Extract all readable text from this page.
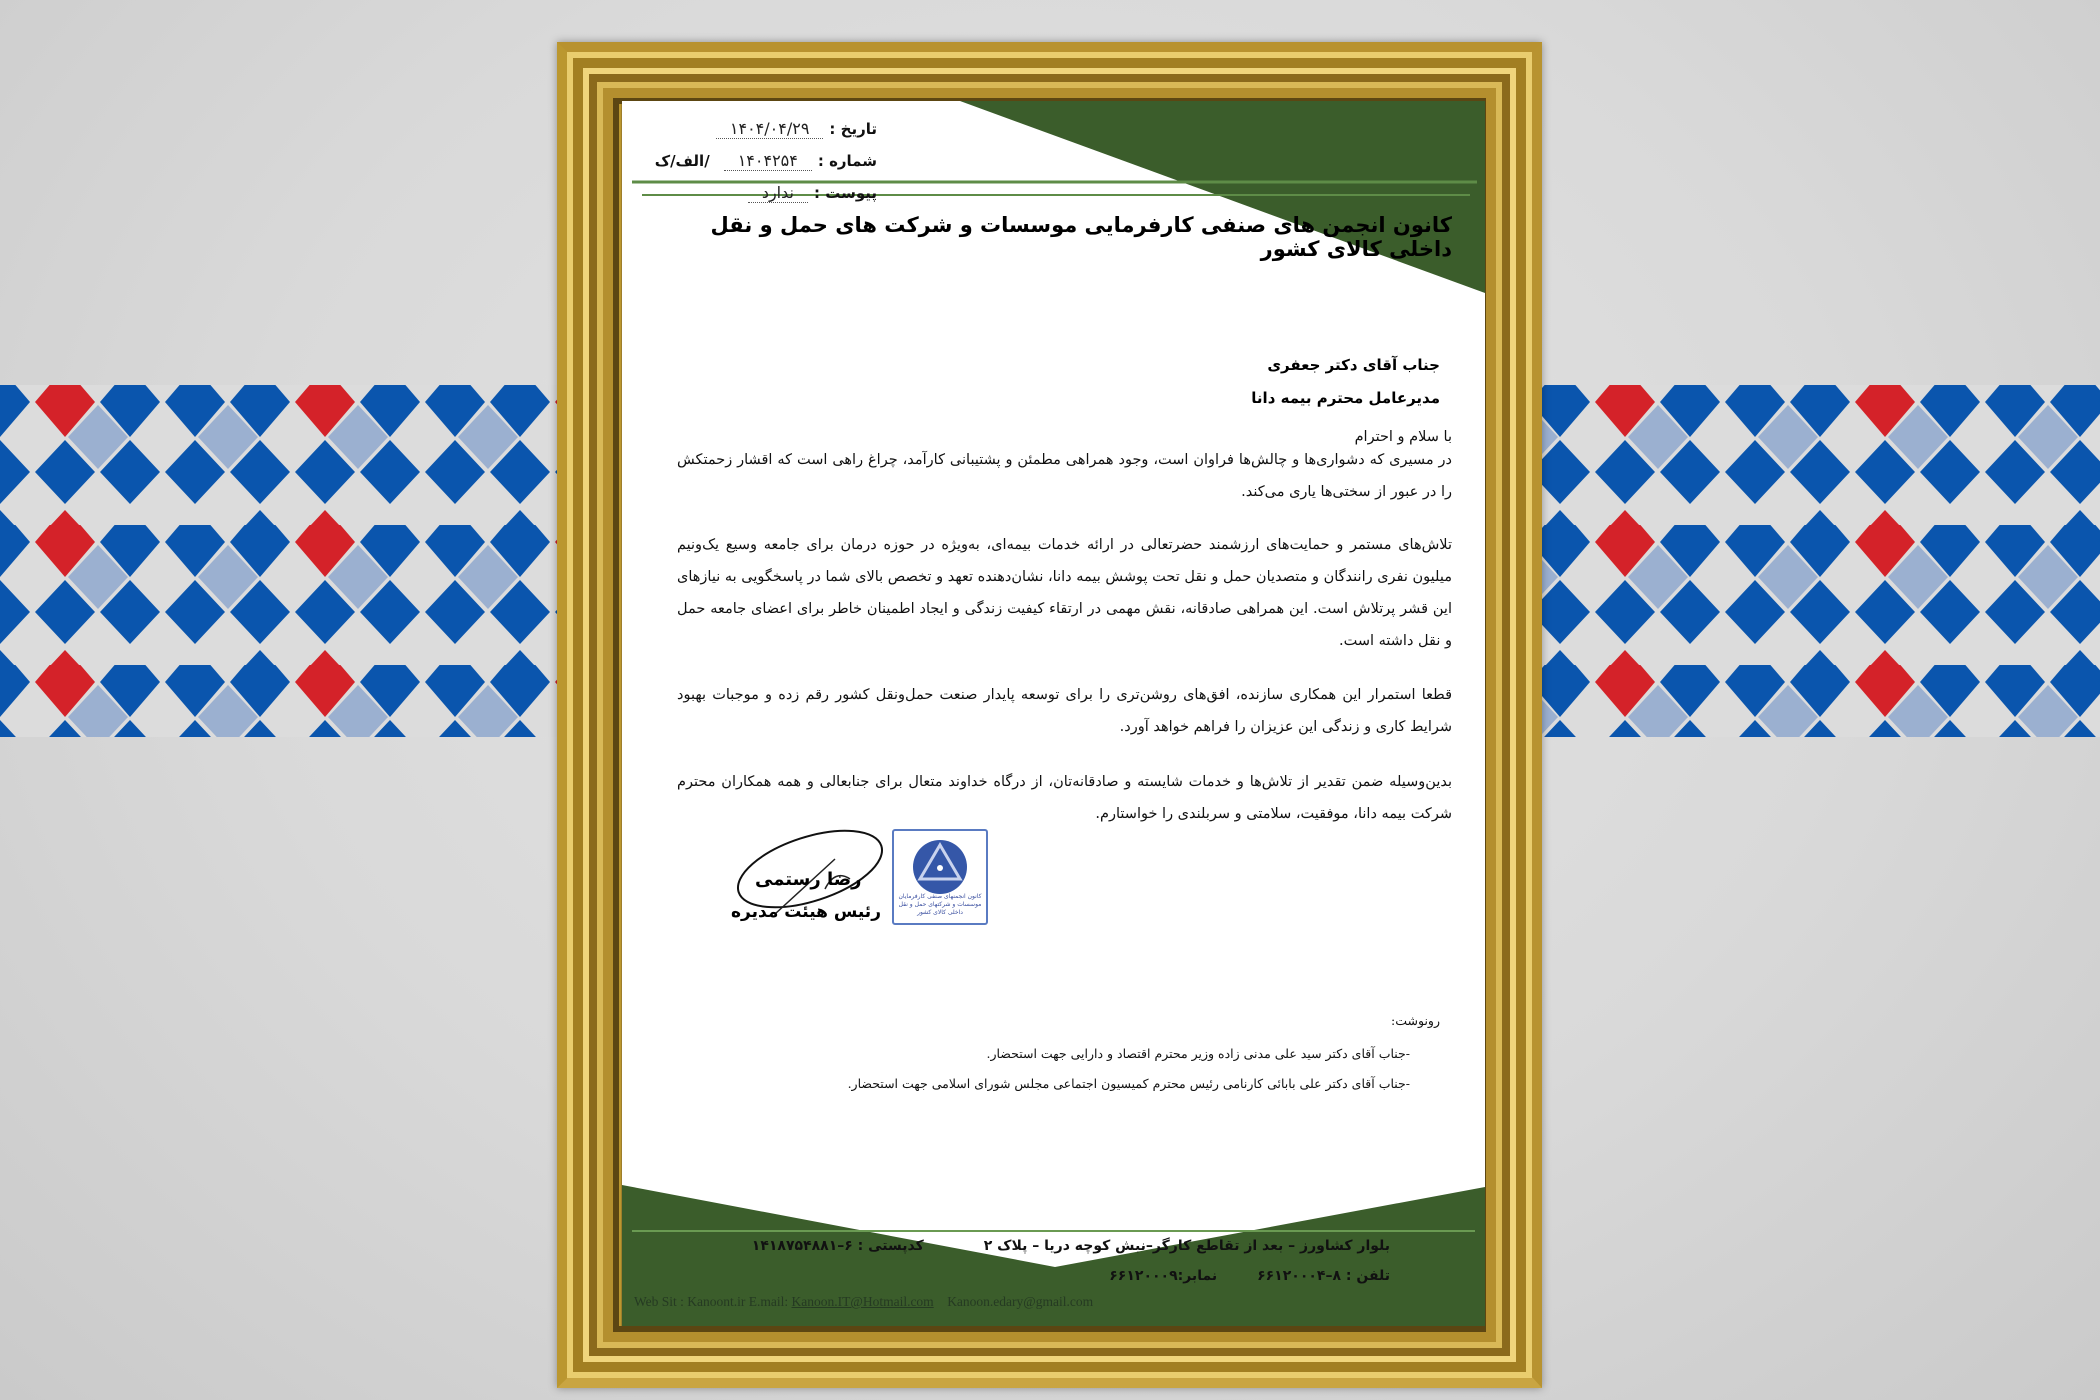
تاریخ :
۱۴۰۴/۰۴/۲۹
شماره :
۱۴۰۴۲۵۴
/الف/ک
پیوست :
ندارد
کانون انجمن های صنفی کارفرمایی موسسات و شرکت های حمل و نقل داخلی کالای کشور
جناب آقای دکتر جعفری
مدیرعامل محترم بیمه دانا
با سلام و احترام
در مسیری که دشواری‌ها و چالش‌ها فراوان است، وجود همراهی مطمئن و پشتیبانی کارآمد، چراغ راهی است که اقشار زحمتکش را در عبور از سختی‌ها یاری می‌کند.
تلاش‌های مستمر و حمایت‌های ارزشمند حضرتعالی در ارائه خدمات بیمه‌ای، به‌ویژه در حوزه درمان برای جامعه وسیع یک‌ونیم میلیون نفری رانندگان و متصدیان حمل و نقل تحت پوشش بیمه دانا، نشان‌دهنده تعهد و تخصص بالای شما در پاسخگویی به نیازهای این قشر پرتلاش است. این همراهی صادقانه، نقش مهمی در ارتقاء کیفیت زندگی و ایجاد اطمینان خاطر برای اعضای جامعه حمل و نقل داشته است.
قطعا استمرار این همکاری سازنده، افق‌های روشن‌تری را برای توسعه پایدار صنعت حمل‌ونقل کشور رقم زده و موجبات بهبود شرایط کاری و زندگی این عزیزان را فراهم خواهد آورد.
بدین‌وسیله ضمن تقدیر از تلاش‌ها و خدمات شایسته و صادقانه‌تان، از درگاه خداوند متعال برای جنابعالی و همه همکاران محترم شرکت بیمه دانا، موفقیت، سلامتی و سربلندی را خواستارم.
رضا رستمی
رئیس هیئت مدیره
کانون انجمنهای صنفی کارفرمایان موسسات و شرکتهای حمل و نقل داخلی کالای کشور
رونوشت:
-جناب آقای دکتر سید علی مدنی زاده وزیر محترم اقتصاد و دارایی جهت استحضار.
-جناب آقای دکتر علی بابائی کارنامی رئیس محترم کمیسیون اجتماعی مجلس شورای اسلامی جهت استحضار.
بلوار کشاورز – بعد از تقاطع کارگر–نبش کوچه دریا – پلاک ۲
کدپستی : ۶–۱۴۱۸۷۵۴۸۸۱
تلفن : ۸–۶۶۱۲۰۰۰۴
نمابر:۶۶۱۲۰۰۰۹
Web Sit : Kanoont.ir E.mail: Kanoon.IT@Hotmail.com Kanoon.edary@gmail.com
